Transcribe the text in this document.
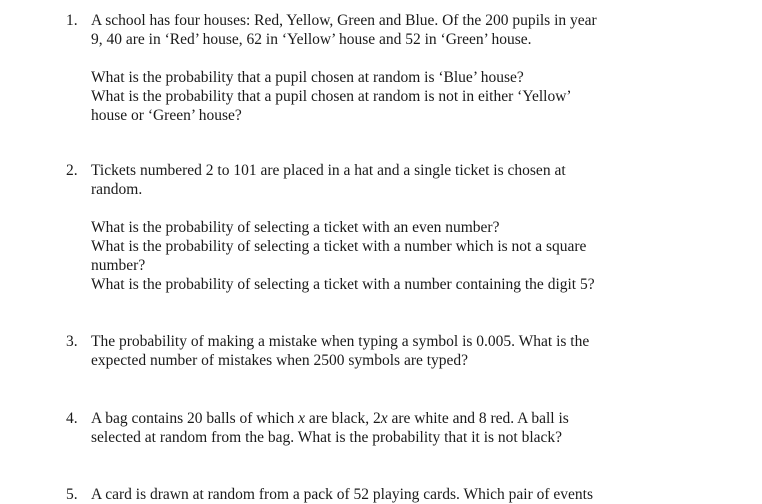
1. A school has four houses: Red, Yellow, Green and Blue. Of the 200 pupils in year
9, 40 are in ‘Red’ house, 62 in ‘Yellow’ house and 52 in ‘Green’ house.
What is the probability that a pupil chosen at random is ‘Blue’ house?
What is the probability that a pupil chosen at random is not in either ‘Yellow’
house or ‘Green’ house?
2. Tickets numbered 2 to 101 are placed in a hat and a single ticket is chosen at
random.
What is the probability of selecting a ticket with an even number?
What is the probability of selecting a ticket with a number which is not a square
number?
What is the probability of selecting a ticket with a number containing the digit 5?
3. The probability of making a mistake when typing a symbol is 0.005. What is the
expected number of mistakes when 2500 symbols are typed?
4. A bag contains 20 balls of which x are black, 2x are white and 8 red. A ball is
selected at random from the bag. What is the probability that it is not black?
5. A card is drawn at random from a pack of 52 playing cards. Which pair of events
